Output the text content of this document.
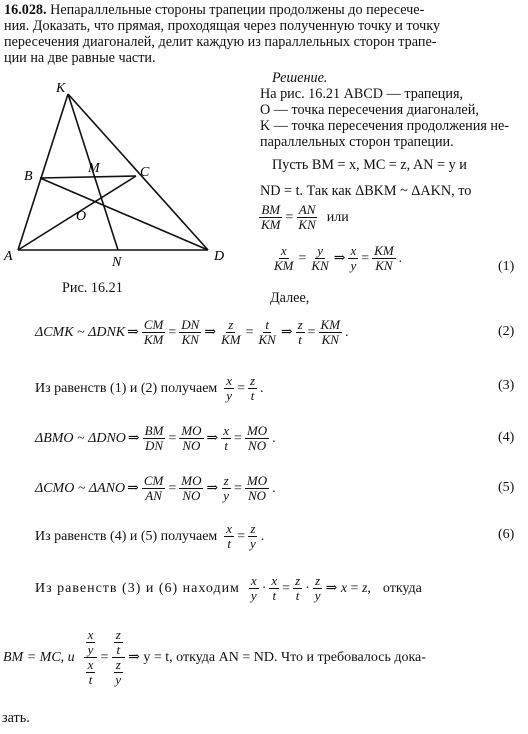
16.028. Непараллельные стороны трапеции продолжены до пересече-
ния. Доказать, что прямая, проходящая через полученную точку и точку
пересечения диагоналей, делит каждую из параллельных сторон трапе-
ции на две равные части.
K
B
M	C
O
A	N	D
Рис. 16.21
Решение.
На рис. 16.21 ABCD — трапеция,
O — точка пересечения диагоналей,
K — точка пересечения продолжения не-
параллельных сторон трапеции.
Пусть BM = x, MC = z, AN = y и
ND = t. Так как ΔBKM ~ ΔAKN, то
$\frac{BM}{KM} = \frac{AN}{KN}$ или
$\frac{x}{KM} = \frac{y}{KN}$ ⇒ $\frac{x}{y} = \frac{KM}{KN}$ .
(1)
Далее,
ΔCMK ~ ΔDNK ⇒ $\frac{CM}{KM} = \frac{DN}{KN}$ ⇒ $\frac{z}{KM} = \frac{t}{KN}$ ⇒ $\frac{z}{t} = \frac{KM}{KN}$ .	(2)
Из равенств (1) и (2) получаем $\frac{x}{y} = \frac{z}{t}$ .	(3)
ΔBMO ~ ΔDNO ⇒ $\frac{BM}{DN} = \frac{MO}{NO}$ ⇒ $\frac{x}{t} = \frac{MO}{NO}$ .	(4)
ΔCMO ~ ΔANO ⇒ $\frac{CM}{AN} = \frac{MO}{NO}$ ⇒ $\frac{z}{y} = \frac{MO}{NO}$ .	(5)
Из равенств (4) и (5) получаем $\frac{x}{t} = \frac{z}{y}$ .	(6)
Из равенств (3) и (6) находим $\frac{x}{y} \cdot \frac{x}{t} = \frac{z}{t} \cdot \frac{z}{y}$ ⇒ x = z, откуда
BM = MC, и $\frac{\frac{x}{y}}{\frac{x}{t}} = \frac{\frac{z}{t}}{\frac{z}{y}}$ ⇒ y = t, откуда AN = ND. Что и требовалось дока-
зать.
